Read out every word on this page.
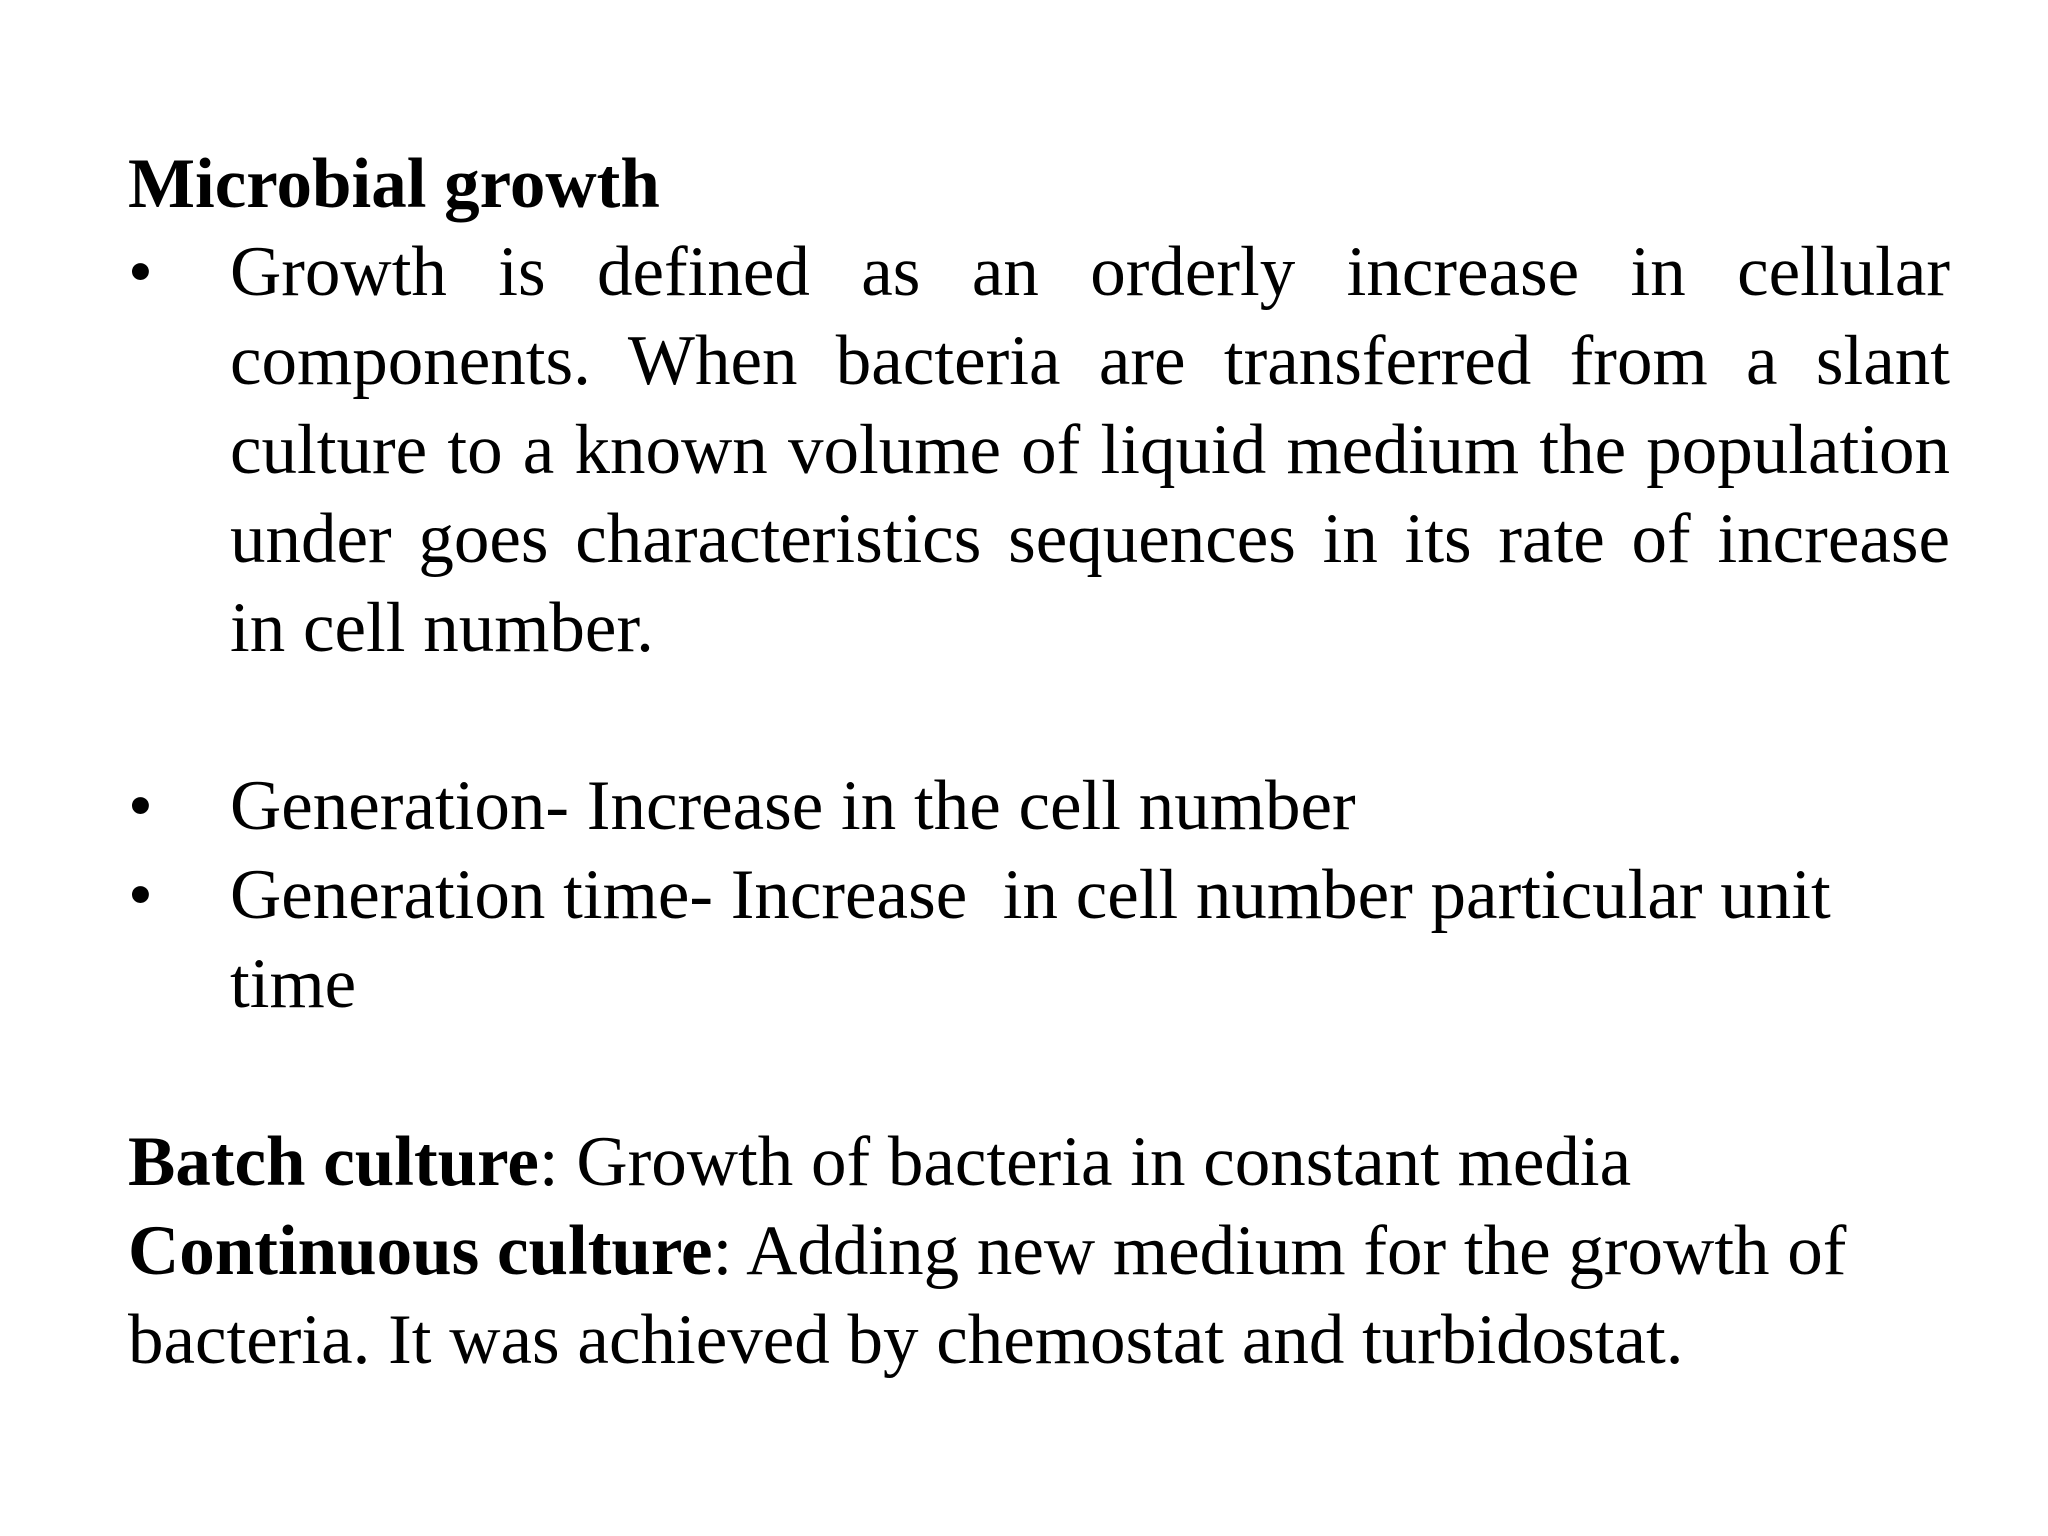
Microbial growth

•	Growth is defined as an orderly increase in cellular components. When bacteria are transferred from a slant culture to a known volume of liquid medium the population under goes characteristics sequences in its rate of increase in cell number.
•	Generation- Increase in the cell number
•	Generation time- Increase  in cell number particular unit time

Batch culture: Growth of bacteria in constant media

Continuous culture: Adding new medium for the growth of bacteria. It was achieved by chemostat and turbidostat.
